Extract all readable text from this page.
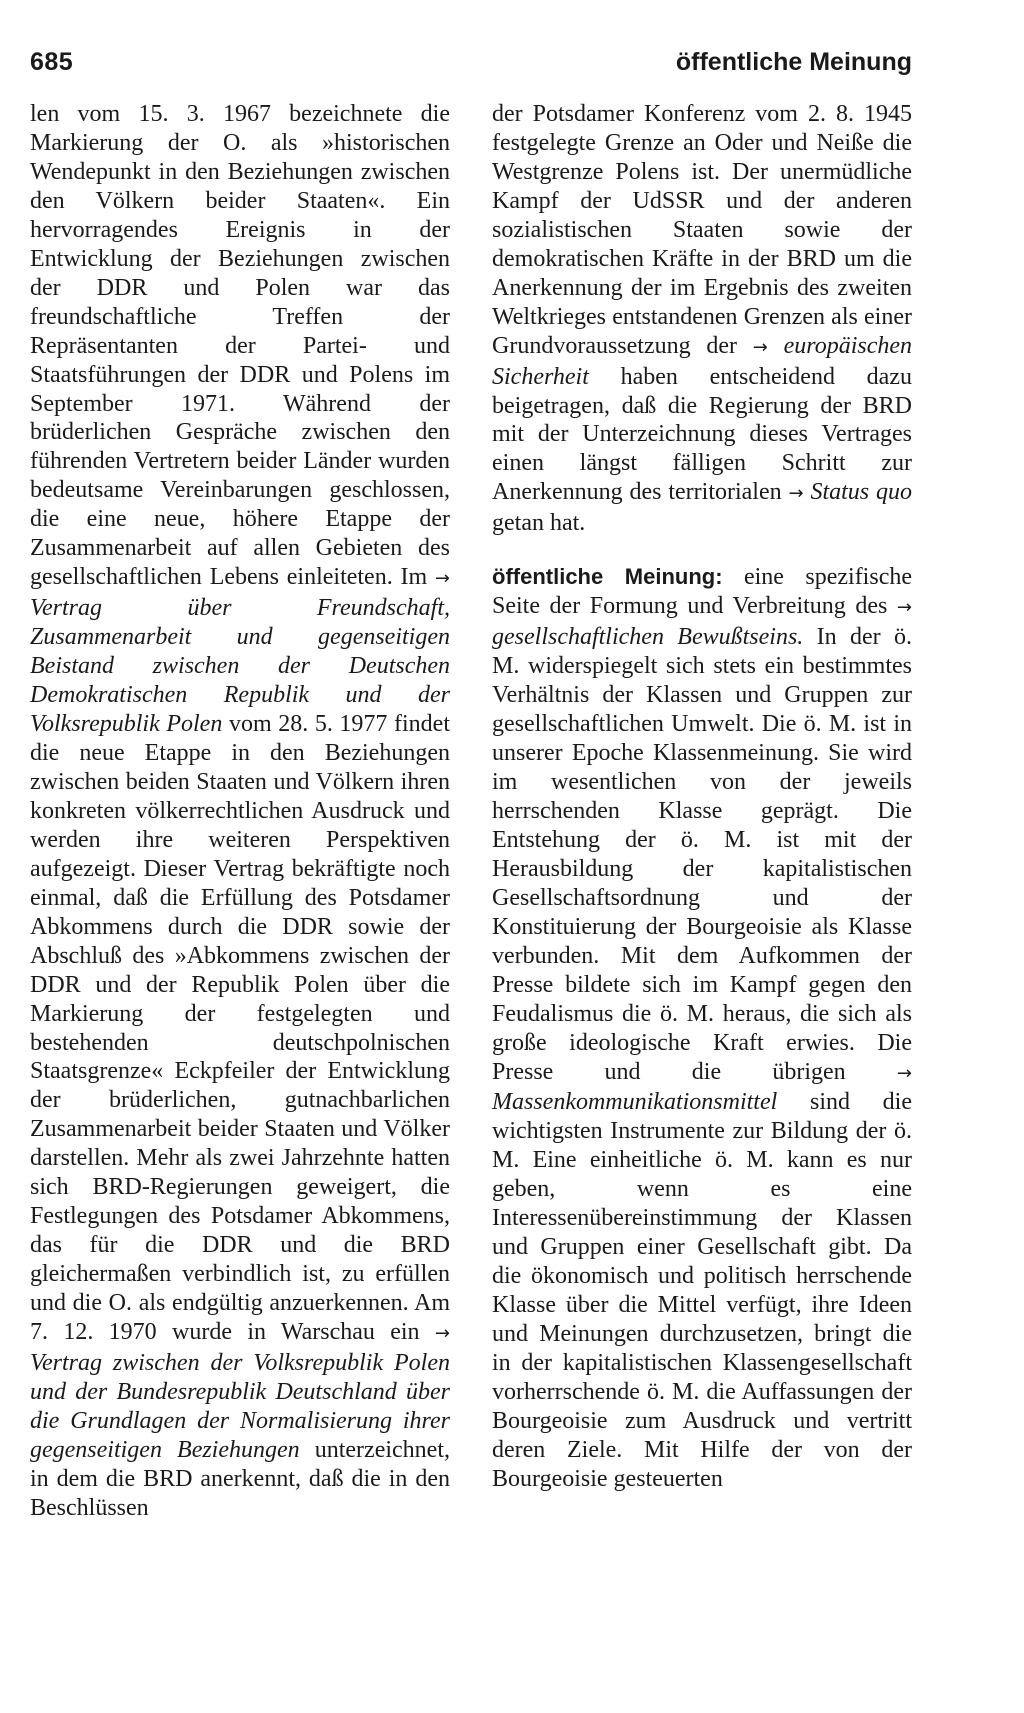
685	öffentliche Meinung

len vom 15. 3. 1967 bezeichnete die Markierung der O. als »historischen Wendepunkt in den Beziehungen zwischen den Völkern beider Staaten«. Ein hervorragendes Ereignis in der Entwicklung der Beziehungen zwischen der DDR und Polen war das freundschaftliche Treffen der Repräsentanten der Partei- und Staatsführungen der DDR und Polens im September 1971. Während der brüderlichen Gespräche zwischen den führenden Vertretern beider Länder wurden bedeutsame Vereinbarungen geschlossen, die eine neue, höhere Etappe der Zusammenarbeit auf allen Gebieten des gesellschaftlichen Lebens einleiteten. Im → Vertrag über Freundschaft, Zusammenarbeit und gegenseitigen Beistand zwischen der Deutschen Demokratischen Republik und der Volksrepublik Polen vom 28. 5. 1977 findet die neue Etappe in den Beziehungen zwischen beiden Staaten und Völkern ihren konkreten völkerrechtlichen Ausdruck und werden ihre weiteren Perspektiven aufgezeigt. Dieser Vertrag bekräftigte noch einmal, daß die Erfüllung des Potsdamer Abkommens durch die DDR sowie der Abschluß des »Abkommens zwischen der DDR und der Republik Polen über die Markierung der festgelegten und bestehenden deutschpolnischen Staatsgrenze« Eckpfeiler der Entwicklung der brüderlichen, gutnachbarlichen Zusammenarbeit beider Staaten und Völker darstellen. Mehr als zwei Jahrzehnte hatten sich BRD-Regierungen geweigert, die Festlegungen des Potsdamer Abkommens, das für die DDR und die BRD gleichermaßen verbindlich ist, zu erfüllen und die O. als endgültig anzuerkennen. Am 7. 12. 1970 wurde in Warschau ein → Vertrag zwischen der Volksrepublik Polen und der Bundesrepublik Deutschland über die Grundlagen der Normalisierung ihrer gegenseitigen Beziehungen unterzeichnet, in dem die BRD anerkennt, daß die in den Beschlüssen

der Potsdamer Konferenz vom 2. 8. 1945 festgelegte Grenze an Oder und Neiße die Westgrenze Polens ist. Der unermüdliche Kampf der UdSSR und der anderen sozialistischen Staaten sowie der demokratischen Kräfte in der BRD um die Anerkennung der im Ergebnis des zweiten Weltkrieges entstandenen Grenzen als einer Grundvoraussetzung der → europäischen Sicherheit haben entscheidend dazu beigetragen, daß die Regierung der BRD mit der Unterzeichnung dieses Vertrages einen längst fälligen Schritt zur Anerkennung des territorialen → Status quo getan hat.

öffentliche Meinung: eine spezifische Seite der Formung und Verbreitung des → gesellschaftlichen Bewußtseins. In der ö. M. widerspiegelt sich stets ein bestimmtes Verhältnis der Klassen und Gruppen zur gesellschaftlichen Umwelt. Die ö. M. ist in unserer Epoche Klassenmeinung. Sie wird im wesentlichen von der jeweils herrschenden Klasse geprägt. Die Entstehung der ö. M. ist mit der Herausbildung der kapitalistischen Gesellschaftsordnung und der Konstituierung der Bourgeoisie als Klasse verbunden. Mit dem Aufkommen der Presse bildete sich im Kampf gegen den Feudalismus die ö. M. heraus, die sich als große ideologische Kraft erwies. Die Presse und die übrigen → Massenkommunikationsmittel sind die wichtigsten Instrumente zur Bildung der ö. M. Eine einheitliche ö. M. kann es nur geben, wenn es eine Interessenübereinstimmung der Klassen und Gruppen einer Gesellschaft gibt. Da die ökonomisch und politisch herrschende Klasse über die Mittel verfügt, ihre Ideen und Meinungen durchzusetzen, bringt die in der kapitalistischen Klassengesellschaft vorherrschende ö. M. die Auffassungen der Bourgeoisie zum Ausdruck und vertritt deren Ziele. Mit Hilfe der von der Bourgeoisie gesteuerten
